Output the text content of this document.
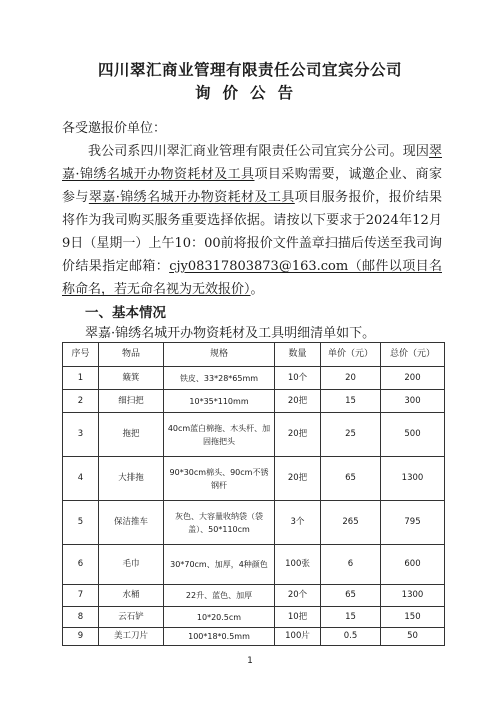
四川翠汇商业管理有限责任公司宜宾分公司
询价公告
各受邀报价单位：
我公司系四川翠汇商业管理有限责任公司宜宾分公司。现因翠嘉·锦绣名城开办物资耗材及工具项目采购需要，诚邀企业、商家参与翠嘉·锦绣名城开办物资耗材及工具项目服务报价，报价结果将作为我司购买服务重要选择依据。请按以下要求于2024年12月9日（星期一）上午10：00前将报价文件盖章扫描后传送至我司询价结果指定邮箱：cjy08317803873@163.com（邮件以项目名称命名，若无命名视为无效报价）。
一、基本情况
翠嘉·锦绣名城开办物资耗材及工具明细清单如下。
序号	物品	规格	数量	单价（元）	总价（元）
1	簸箕	铁皮、33*28*65mm	10个	20	200
2	细扫把	10*35*110mm	20把	15	300
3	拖把	40cm蓝白棉拖、木头杆、加固拖把头	20把	25	500
4	大排拖	90*30cm棉头、90cm不锈钢杆	20把	65	1300
5	保洁推车	灰色、大容量收纳袋（袋盖）、50*110cm	3个	265	795
6	毛巾	30*70cm、加厚，4种颜色	100张	6	600
7	水桶	22升、蓝色、加厚	20个	65	1300
8	云石铲	10*20.5cm	10把	15	150
9	美工刀片	100*18*0.5mm	100片	0.5	50
1
